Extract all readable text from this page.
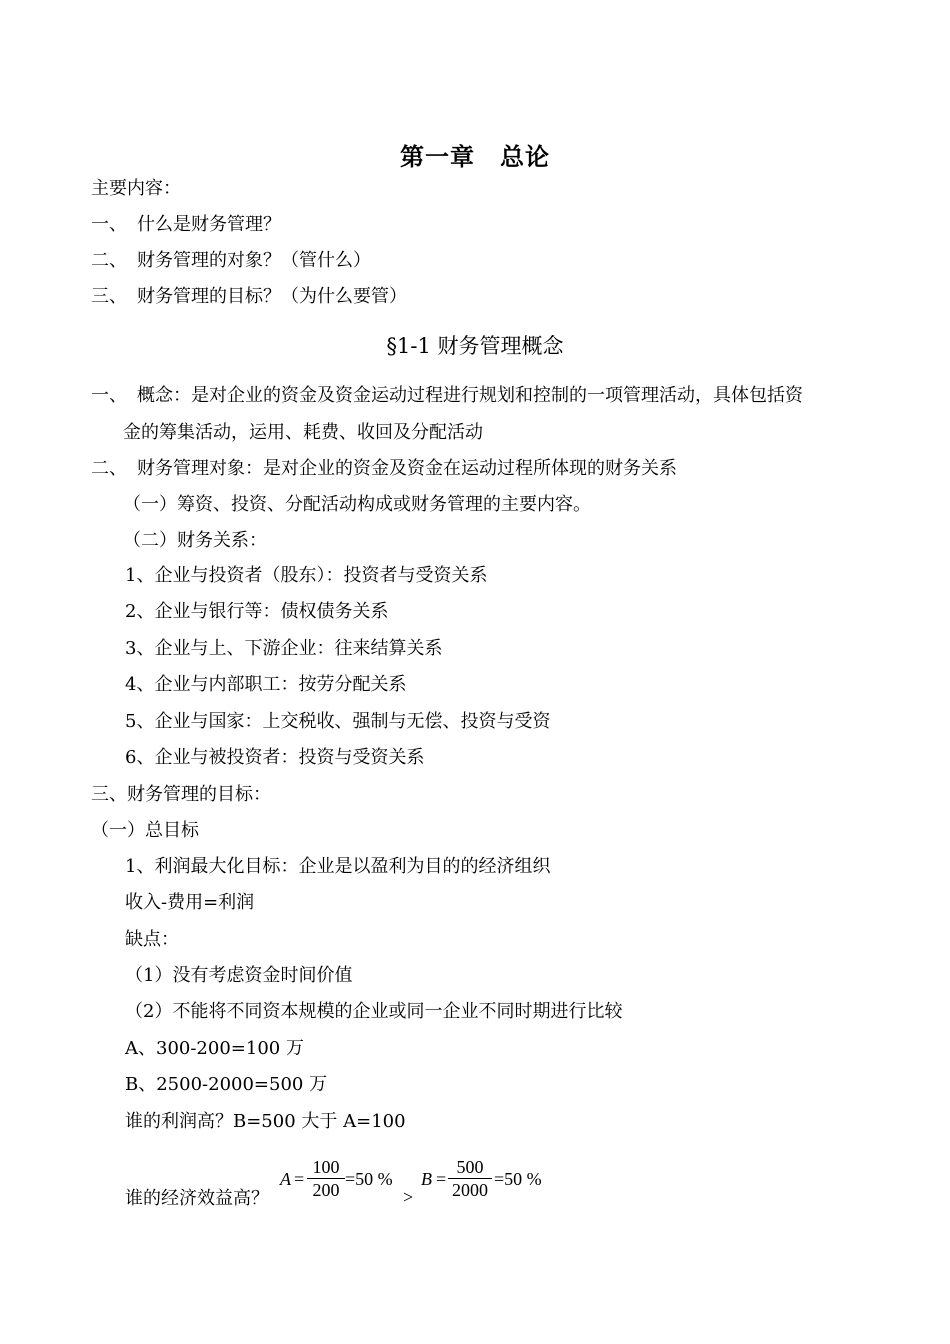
第一章　总论
主要内容：
一、 什么是财务管理？
二、 财务管理的对象？（管什么）
三、 财务管理的目标？（为什么要管）
§1-1 财务管理概念
一、 概念：是对企业的资金及资金运动过程进行规划和控制的一项管理活动，具体包括资
金的筹集活动，运用、耗费、收回及分配活动
二、 财务管理对象：是对企业的资金及资金在运动过程所体现的财务关系
（一）筹资、投资、分配活动构成或财务管理的主要内容。
（二）财务关系：
1、企业与投资者（股东）：投资者与受资关系
2、企业与银行等：债权债务关系
3、企业与上、下游企业：往来结算关系
4、企业与内部职工：按劳分配关系
5、企业与国家：上交税收、强制与无偿、投资与受资
6、企业与被投资者：投资与受资关系
三、财务管理的目标：
（一）总目标
1、利润最大化目标：企业是以盈利为目的的经济组织
收入-费用=利润
缺点：
（1）没有考虑资金时间价值
（2）不能将不同资本规模的企业或同一企业不同时期进行比较
A、300-200=100 万
B、2500-2000=500 万
谁的利润高？B=500 大于 A=100
谁的经济效益高？
A =
100
200
=50 %
>
B =
500
2000
=50 %
